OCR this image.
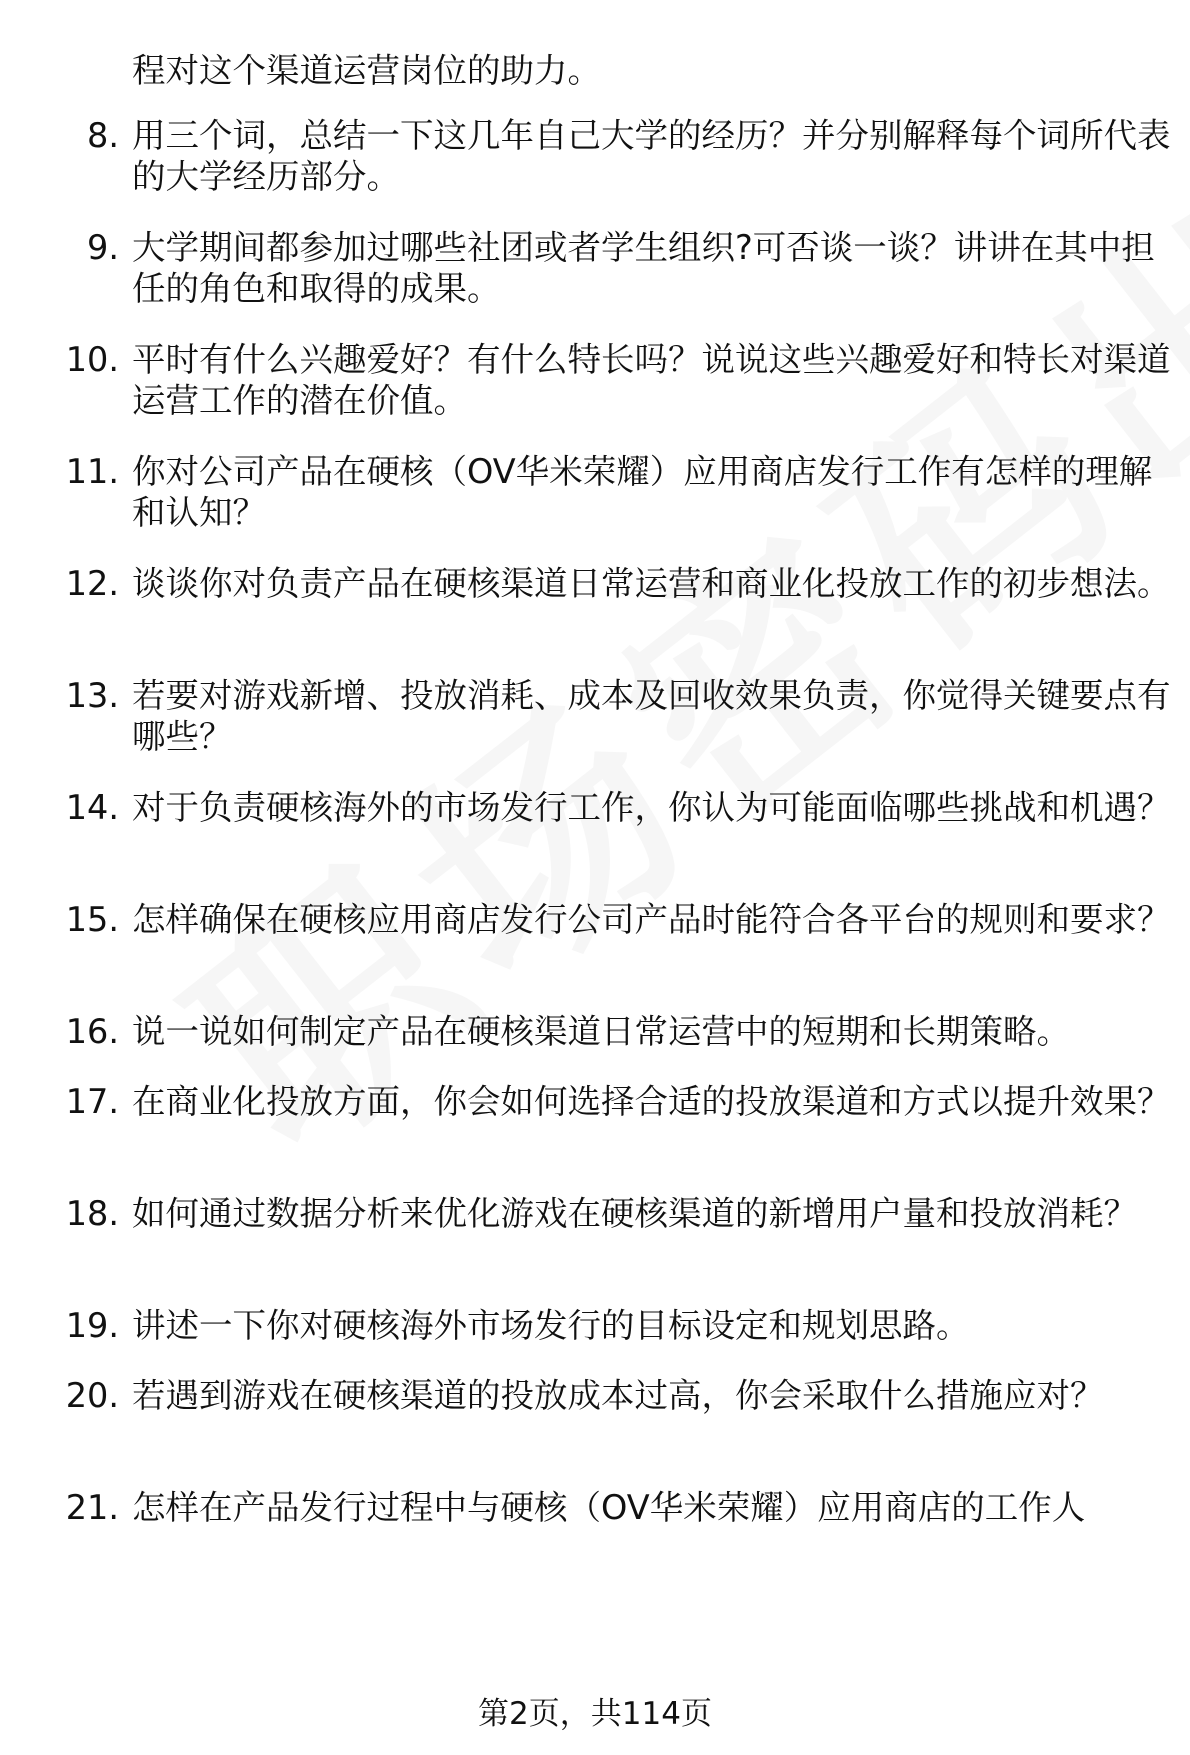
程对这个渠道运营岗位的助力。
8. 用三个词，总结一下这几年自己大学的经历？并分别解释每个词所代表的大学经历部分。
9. 大学期间都参加过哪些社团或者学生组织?可否谈一谈？讲讲在其中担任的角色和取得的成果。
10. 平时有什么兴趣爱好？有什么特长吗？说说这些兴趣爱好和特长对渠道运营工作的潜在价值。
11. 你对公司产品在硬核（OV华米荣耀）应用商店发行工作有怎样的理解和认知？
12. 谈谈你对负责产品在硬核渠道日常运营和商业化投放工作的初步想法。
13. 若要对游戏新增、投放消耗、成本及回收效果负责，你觉得关键要点有哪些？
14. 对于负责硬核海外的市场发行工作，你认为可能面临哪些挑战和机遇？
15. 怎样确保在硬核应用商店发行公司产品时能符合各平台的规则和要求？
16. 说一说如何制定产品在硬核渠道日常运营中的短期和长期策略。
17. 在商业化投放方面，你会如何选择合适的投放渠道和方式以提升效果？
18. 如何通过数据分析来优化游戏在硬核渠道的新增用户量和投放消耗？
19. 讲述一下你对硬核海外市场发行的目标设定和规划思路。
20. 若遇到游戏在硬核渠道的投放成本过高，你会采取什么措施应对？
21. 怎样在产品发行过程中与硬核（OV华米荣耀）应用商店的工作人
第2页，共114页
